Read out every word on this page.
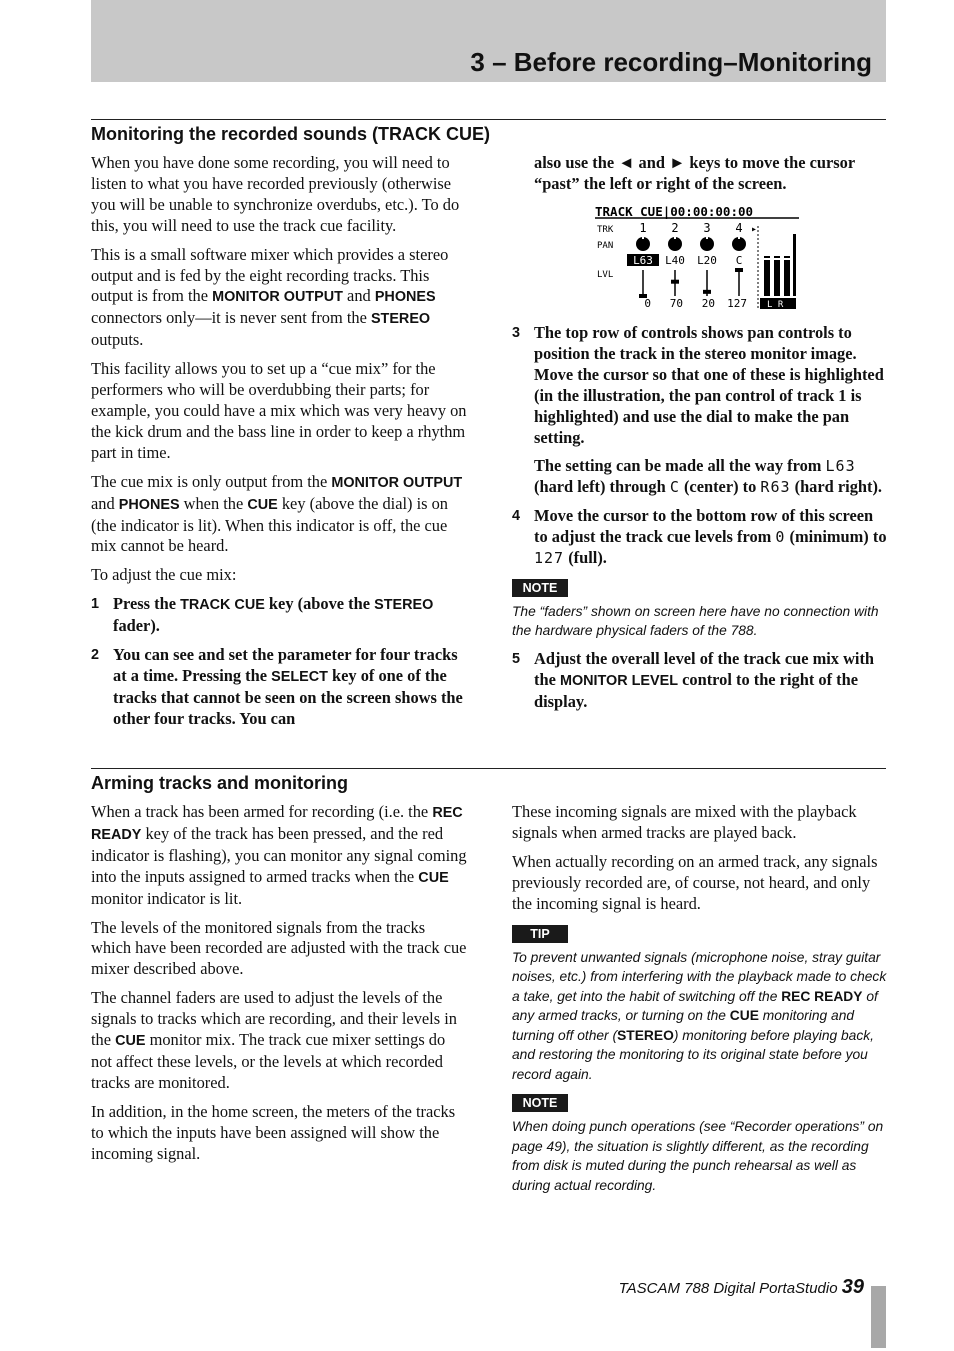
3 – Before recording–Monitoring
Monitoring the recorded sounds (TRACK CUE)

When you have done some recording, you will need to listen to what you have recorded previously (otherwise you will be unable to synchronize overdubs, etc.). To do this, you will need to use the track cue facility.

This is a small software mixer which provides a stereo output and is fed by the eight recording tracks. This output is from the MONITOR OUTPUT and PHONES connectors only—it is never sent from the STEREO outputs.

This facility allows you to set up a “cue mix” for the performers who will be overdubbing their parts; for example, you could have a mix which was very heavy on the kick drum and the bass line in order to keep a rhythm part in time.

The cue mix is only output from the MONITOR OUTPUT and PHONES when the CUE key (above the dial) is on (the indicator is lit). When this indicator is off, the cue mix cannot be heard.

To adjust the cue mix:

1 Press the TRACK CUE key (above the STEREO fader).
2 You can see and set the parameter for four tracks at a time. Pressing the SELECT key of one of the tracks that cannot be seen on the screen shows the other four tracks. You can
also use the ◄ and ► keys to move the cursor “past” the left or right of the screen.
TRACK CUE|00:00:00:00
TRK
PAN
LVL
1
L63
0
2
L40
70
3
L20
20
4
C
127
▸
L R
3 The top row of controls shows pan controls to position the track in the stereo monitor image. Move the cursor so that one of these is highlighted (in the illustration, the pan control of track 1 is highlighted) and use the dial to make the pan setting.
The setting can be made all the way from L63 (hard left) through C (center) to R63 (hard right).
4 Move the cursor to the bottom row of this screen to adjust the track cue levels from 0 (minimum) to 127 (full).
NOTE
The “faders” shown on screen here have no connection with the hardware physical faders of the 788.
5 Adjust the overall level of the track cue mix with the MONITOR LEVEL control to the right of the display.
Arming tracks and monitoring

When a track has been armed for recording (i.e. the REC READY key of the track has been pressed, and the red indicator is flashing), you can monitor any signal coming into the inputs assigned to armed tracks when the CUE monitor indicator is lit.

The levels of the monitored signals from the tracks which have been recorded are adjusted with the track cue mixer described above.

The channel faders are used to adjust the levels of the signals to tracks which are recording, and their levels in the CUE monitor mix. The track cue mixer settings do not affect these levels, or the levels at which recorded tracks are monitored.

In addition, in the home screen, the meters of the tracks to which the inputs have been assigned will show the incoming signal.

These incoming signals are mixed with the playback signals when armed tracks are played back.

When actually recording on an armed track, any signals previously recorded are, of course, not heard, and only the incoming signal is heard.

TIP
To prevent unwanted signals (microphone noise, stray guitar noises, etc.) from interfering with the playback made to check a take, get into the habit of switching off the REC READY of any armed tracks, or turning on the CUE monitoring and turning off other (STEREO) monitoring before playing back, and restoring the monitoring to its original state before you record again.
NOTE
When doing punch operations (see “Recorder operations” on page 49), the situation is slightly different, as the recording from disk is muted during the punch rehearsal as well as during actual recording.
TASCAM 788 Digital PortaStudio 39
